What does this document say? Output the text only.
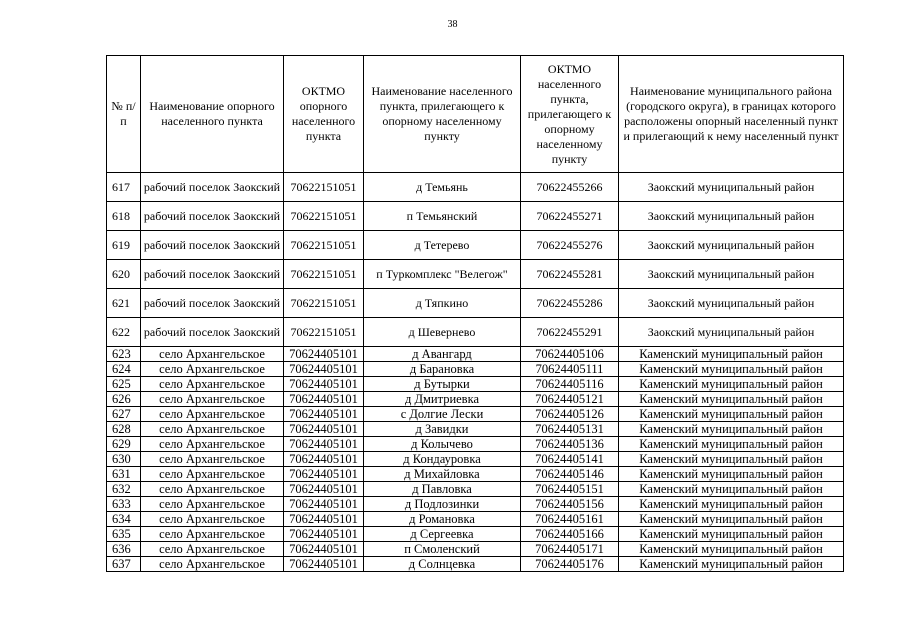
38
№ п/п	Наименование опорного населенного пункта	ОКТМО опорного населенного пункта	Наименование населенного пункта, прилегающего к опорному населенному пункту	ОКТМО населенного пункта, прилегающего к опорному населенному пункту	Наименование муниципального района (городского округа), в границах которого расположены опорный населенный пункт и прилегающий к нему населенный пункт
617	рабочий поселок Заокский	70622151051	д Темьянь	70622455266	Заокский муниципальный район
618	рабочий поселок Заокский	70622151051	п Темьянский	70622455271	Заокский муниципальный район
619	рабочий поселок Заокский	70622151051	д Тетерево	70622455276	Заокский муниципальный район
620	рабочий поселок Заокский	70622151051	п Туркомплекс "Велегож"	70622455281	Заокский муниципальный район
621	рабочий поселок Заокский	70622151051	д Тяпкино	70622455286	Заокский муниципальный район
622	рабочий поселок Заокский	70622151051	д Шевернево	70622455291	Заокский муниципальный район
623	село Архангельское	70624405101	д Авангард	70624405106	Каменский муниципальный район
624	село Архангельское	70624405101	д Барановка	70624405111	Каменский муниципальный район
625	село Архангельское	70624405101	д Бутырки	70624405116	Каменский муниципальный район
626	село Архангельское	70624405101	д Дмитриевка	70624405121	Каменский муниципальный район
627	село Архангельское	70624405101	с Долгие Лески	70624405126	Каменский муниципальный район
628	село Архангельское	70624405101	д Завидки	70624405131	Каменский муниципальный район
629	село Архангельское	70624405101	д Колычево	70624405136	Каменский муниципальный район
630	село Архангельское	70624405101	д Кондауровка	70624405141	Каменский муниципальный район
631	село Архангельское	70624405101	д Михайловка	70624405146	Каменский муниципальный район
632	село Архангельское	70624405101	д Павловка	70624405151	Каменский муниципальный район
633	село Архангельское	70624405101	д Подлозинки	70624405156	Каменский муниципальный район
634	село Архангельское	70624405101	д Романовка	70624405161	Каменский муниципальный район
635	село Архангельское	70624405101	д Сергеевка	70624405166	Каменский муниципальный район
636	село Архангельское	70624405101	п Смоленский	70624405171	Каменский муниципальный район
637	село Архангельское	70624405101	д Солнцевка	70624405176	Каменский муниципальный район
